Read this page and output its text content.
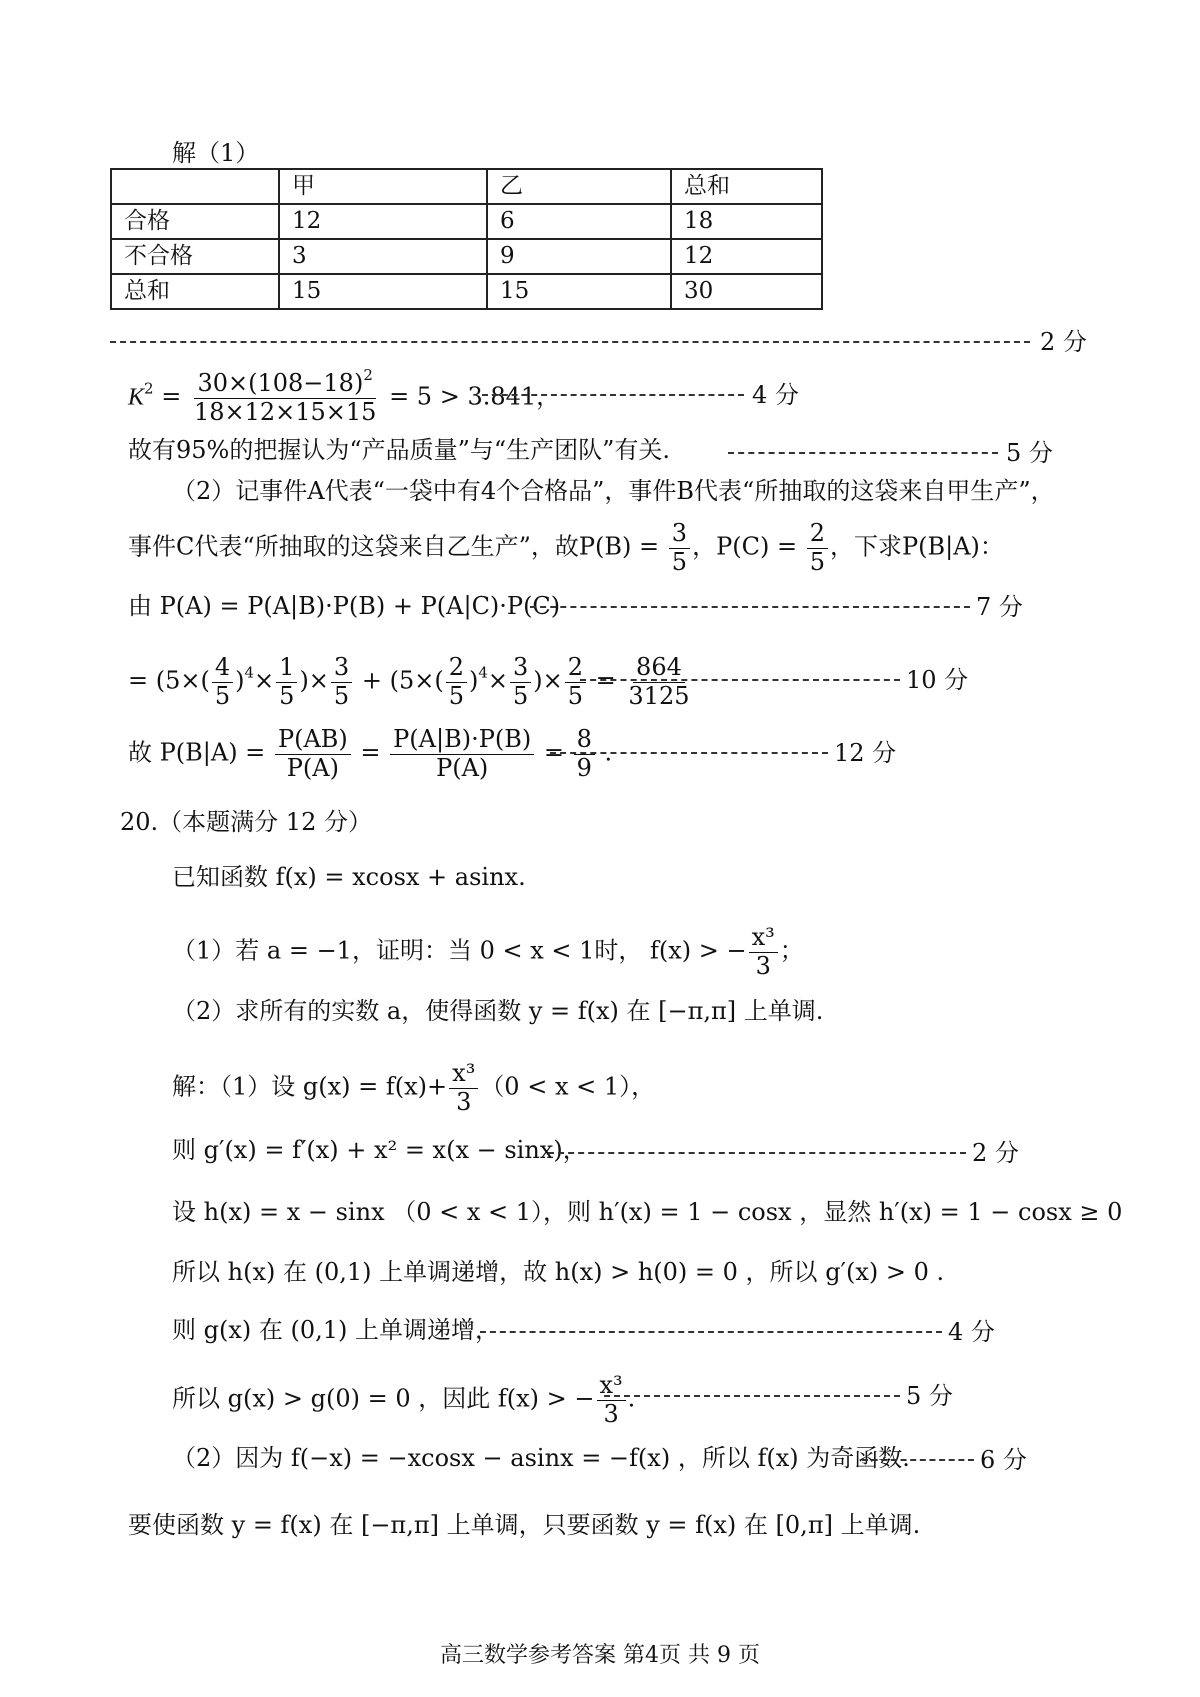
解（1）
	甲	乙	总和
合格	12	6	18
不合格	3	9	12
总和	15	15	30
2 分
$K^2 = \frac{30\times(108-18)^2}{18\times 12\times 15\times 15} = 5 > 3.841$，	4 分
故有95%的把握认为“产品质量”与“生产团队”有关.	5 分
（2）记事件A代表“一袋中有4个合格品”，事件B代表“所抽取的这袋来自甲生产”，
事件C代表“所抽取的这袋来自乙生产”，故$P(B) = \frac{3}{5}$ ，$P(C) = \frac{2}{5}$ ，下求P(B|A)：
由 P(A) = P(A|B)·P(B) + P(A|C)·P(C)	7 分
= ($5\times( \frac{4}{5} )^4\times \frac{1}{5}$ )× $\frac{3}{5} + (5\times( \frac{2}{5} )^4\times \frac{3}{5}$ )× $\frac{2}{5} = \frac{864}{3125}$	10 分
故 $P(B|A) = \frac{P(AB)}{P(A)} = \frac{P(A|B)\cdot P(B)}{P(A)} = \frac{8}{9}$ .	12 分
20.（本题满分 12 分）
已知函数 f(x) = xcosx + asinx.
（1）若 a = −1，证明：当 0 < x < 1时， f(x) > − $\frac{\text{x³}}{3}$ ；
（2）求所有的实数 a，使得函数 y = f(x) 在 [−π,π] 上单调.
解：（1）设 $g(x) = f(x)+ \frac{\text{x³}}{3} (0 < x < 1)$，
则 g′(x) = f′(x) + x² = x(x − sinx)，	2 分
设 h(x) = x − sinx （0 < x < 1），则 h′(x) = 1 − cosx ，显然 h′(x) = 1 − cosx ≥ 0
所以 h(x) 在 (0,1) 上单调递增，故 h(x) > h(0) = 0 ，所以 g′(x) > 0 .
则 g(x) 在 (0,1) 上单调递增，	4 分
所以 g(x) > g(0) = 0 ，因此 f(x) > − $\frac{\text{x³}}{3}$ .	5 分
（2）因为 f(−x) = −xcosx − asinx = −f(x) ，所以 f(x) 为奇函数.	6 分
要使函数 y = f(x) 在 [−π,π] 上单调，只要函数 y = f(x) 在 [0,π] 上单调.
高三数学参考答案 第4页 共 9 页
